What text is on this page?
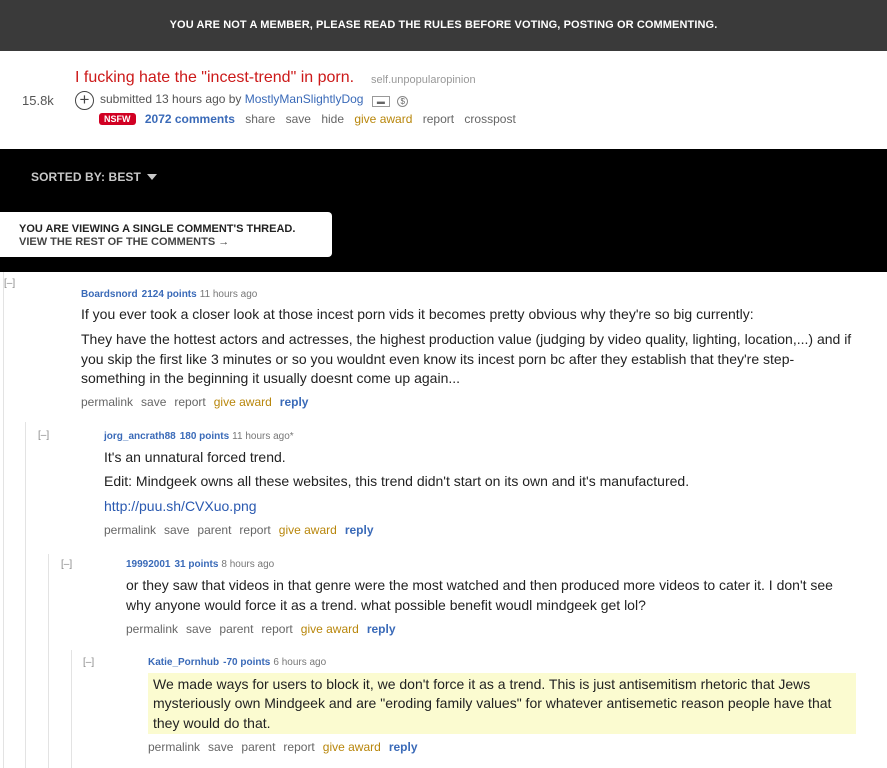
YOU ARE NOT A MEMBER, PLEASE READ THE RULES BEFORE VOTING, POSTING OR COMMENTING.
15.8k +
I fucking hate the "incest-trend" in porn. self.unpopularopinion
submitted 13 hours ago by MostlyManSlightlyDog ▬ $
NSFW 2072 comments share save hide give award report crosspost
SORTED BY: BEST
YOU ARE VIEWING A SINGLE COMMENT'S THREAD.
VIEW THE REST OF THE COMMENTS →
[–]
Boardsnord 2124 points 11 hours ago
If you ever took a closer look at those incest porn vids it becomes pretty obvious why they're so big currently:
They have the hottest actors and actresses, the highest production value (judging by video quality, lighting, location,...) and if
you skip the first like 3 minutes or so you wouldnt even know its incest porn bc after they establish that they're step-
something in the beginning it usually doesnt come up again...
permalink save report give award reply
[–]	jorg_ancrath88 180 points 11 hours ago*
It's an unnatural forced trend.
Edit: Mindgeek owns all these websites, this trend didn't start on its own and it's manufactured.
http://puu.sh/CVXuo.png
permalink save parent report give award reply
[–]	19992001 31 points 8 hours ago
or they saw that videos in that genre were the most watched and then produced more videos to cater it. I don't see
why anyone would force it as a trend. what possible benefit woudl mindgeek get lol?
permalink save parent report give award reply
[–]	Katie_Pornhub -70 points 6 hours ago
We made ways for users to block it, we don't force it as a trend. This is just antisemitism rhetoric that Jews
mysteriously own Mindgeek and are "eroding family values" for whatever antisemetic reason people have that
they would do that.
permalink save parent report give award reply
